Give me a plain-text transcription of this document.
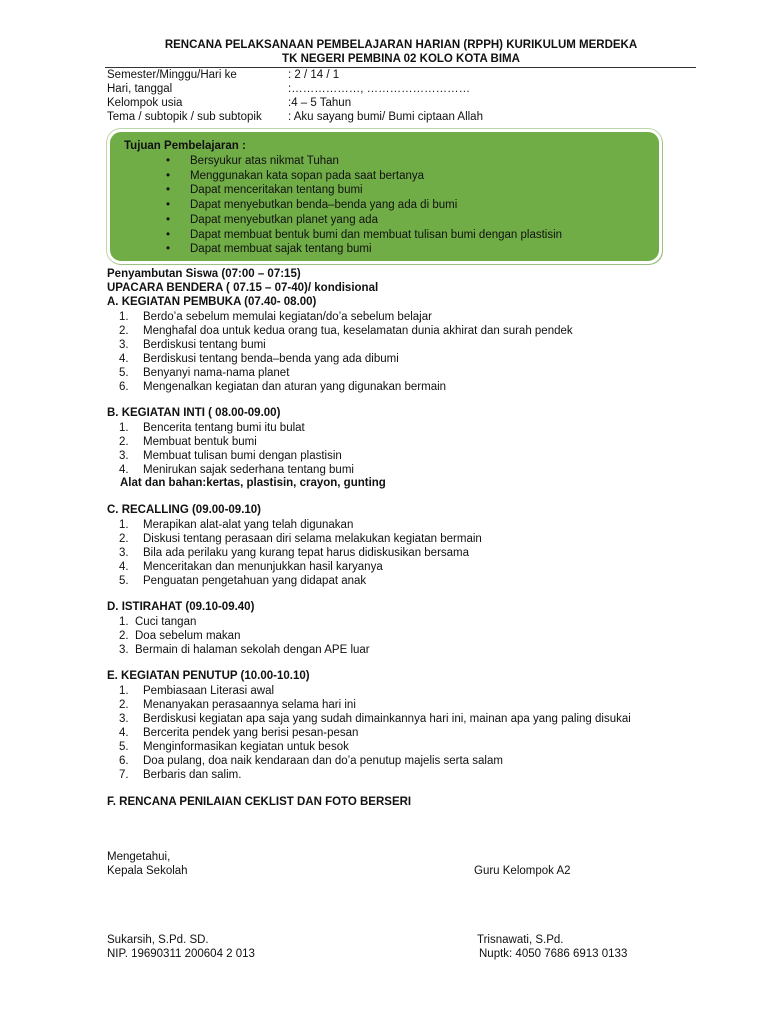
RENCANA PELAKSANAAN PEMBELAJARAN HARIAN (RPPH) KURIKULUM MERDEKA
TK NEGERI PEMBINA 02 KOLO KOTA BIMA
Semester/Minggu/Hari ke	: 2 / 14 / 1
Hari, tanggal	:………………, ………………………
Kelompok usia	:4 – 5 Tahun
Tema / subtopik / sub subtopik : Aku sayang bumi/ Bumi ciptaan Allah
Tujuan Pembelajaran :
• Bersyukur atas nikmat Tuhan
• Menggunakan kata sopan pada saat bertanya
• Dapat menceritakan tentang bumi
• Dapat menyebutkan benda–benda yang ada di bumi
• Dapat menyebutkan planet yang ada
• Dapat membuat bentuk bumi dan membuat tulisan bumi dengan plastisin
• Dapat membuat sajak tentang bumi
Penyambutan Siswa (07:00 – 07:15)
UPACARA BENDERA ( 07.15 – 07-40)/ kondisional
A. KEGIATAN PEMBUKA (07.40- 08.00)
1. Berdo’a sebelum memulai kegiatan/do’a sebelum belajar
2. Menghafal doa untuk kedua orang tua, keselamatan dunia akhirat dan surah pendek
3. Berdiskusi tentang bumi
4. Berdiskusi tentang benda–benda yang ada dibumi
5. Benyanyi nama-nama planet
6. Mengenalkan kegiatan dan aturan yang digunakan bermain
B. KEGIATAN INTI ( 08.00-09.00)
1. Bencerita tentang bumi itu bulat
2. Membuat bentuk bumi
3. Membuat tulisan bumi dengan plastisin
4. Menirukan sajak sederhana tentang bumi
Alat dan bahan:kertas, plastisin, crayon, gunting
C. RECALLING (09.00-09.10)
1. Merapikan alat-alat yang telah digunakan
2. Diskusi tentang perasaan diri selama melakukan kegiatan bermain
3. Bila ada perilaku yang kurang tepat harus didiskusikan bersama
4. Menceritakan dan menunjukkan hasil karyanya
5. Penguatan pengetahuan yang didapat anak
D. ISTIRAHAT (09.10-09.40)
1. Cuci tangan
2. Doa sebelum makan
3. Bermain di halaman sekolah dengan APE luar
E. KEGIATAN PENUTUP (10.00-10.10)
1. Pembiasaan Literasi awal
2. Menanyakan perasaannya selama hari ini
3. Berdiskusi kegiatan apa saja yang sudah dimainkannya hari ini, mainan apa yang paling disukai
4. Bercerita pendek yang berisi pesan-pesan
5. Menginformasikan kegiatan untuk besok
6. Doa pulang, doa naik kendaraan dan do’a penutup majelis serta salam
7. Berbaris dan salim.
F. RENCANA PENILAIAN CEKLIST DAN FOTO BERSERI
Mengetahui,
Kepala Sekolah	Guru Kelompok A2
Sukarsih, S.Pd. SD.
NIP. 19690311 200604 2 013
Trisnawati, S.Pd.
Nuptk: 4050 7686 6913 0133
